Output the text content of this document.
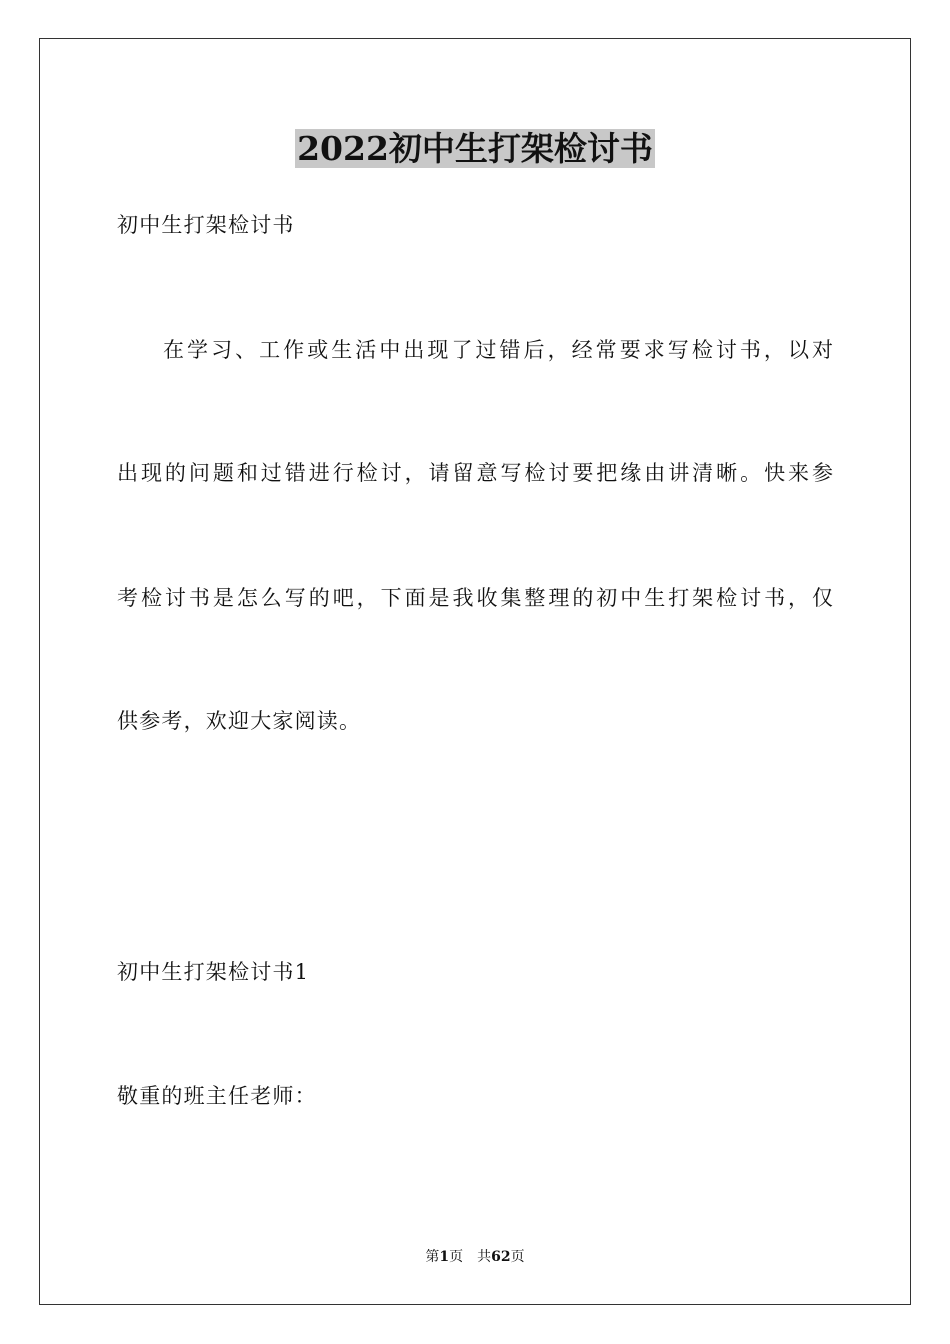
2022初中生打架检讨书
初中生打架检讨书
在学习、工作或生活中出现了过错后，经常要求写检讨书，以对
出现的问题和过错进行检讨，请留意写检讨要把缘由讲清晰。快来参
考检讨书是怎么写的吧，下面是我收集整理的初中生打架检讨书，仅
供参考，欢迎大家阅读。
初中生打架检讨书1
敬重的班主任老师：
第1页 共62页
